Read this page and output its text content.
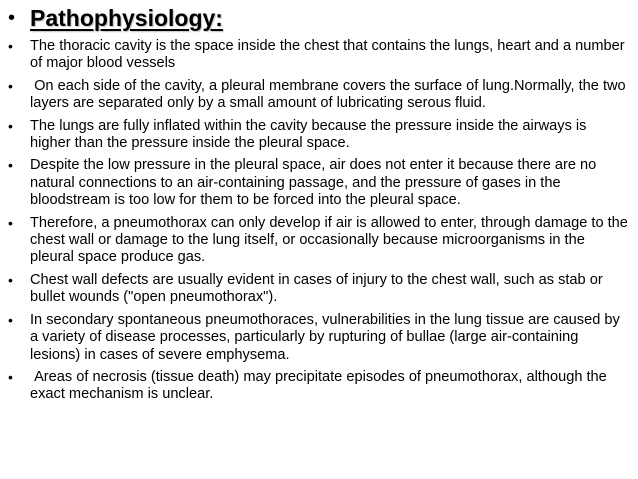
• Pathophysiology:
•	The thoracic cavity is the space inside the chest that contains the lungs, heart and a number of major blood vessels
•	On each side of the cavity, a pleural membrane covers the surface of lung.Normally, the two layers are separated only by a small amount of lubricating serous fluid.
•	The lungs are fully inflated within the cavity because the pressure inside the airways is higher than the pressure inside the pleural space.
•	Despite the low pressure in the pleural space, air does not enter it because there are no natural connections to an air-containing passage, and the pressure of gases in the bloodstream is too low for them to be forced into the pleural space.
•	Therefore, a pneumothorax can only develop if air is allowed to enter, through damage to the chest wall or damage to the lung itself, or occasionally because microorganisms in the pleural space produce gas.
•	Chest wall defects are usually evident in cases of injury to the chest wall, such as stab or bullet wounds ("open pneumothorax").
•	In secondary spontaneous pneumothoraces, vulnerabilities in the lung tissue are caused by a variety of disease processes, particularly by rupturing of bullae (large air-containing lesions) in cases of severe emphysema.
•	Areas of necrosis (tissue death) may precipitate episodes of pneumothorax, although the exact mechanism is unclear.
